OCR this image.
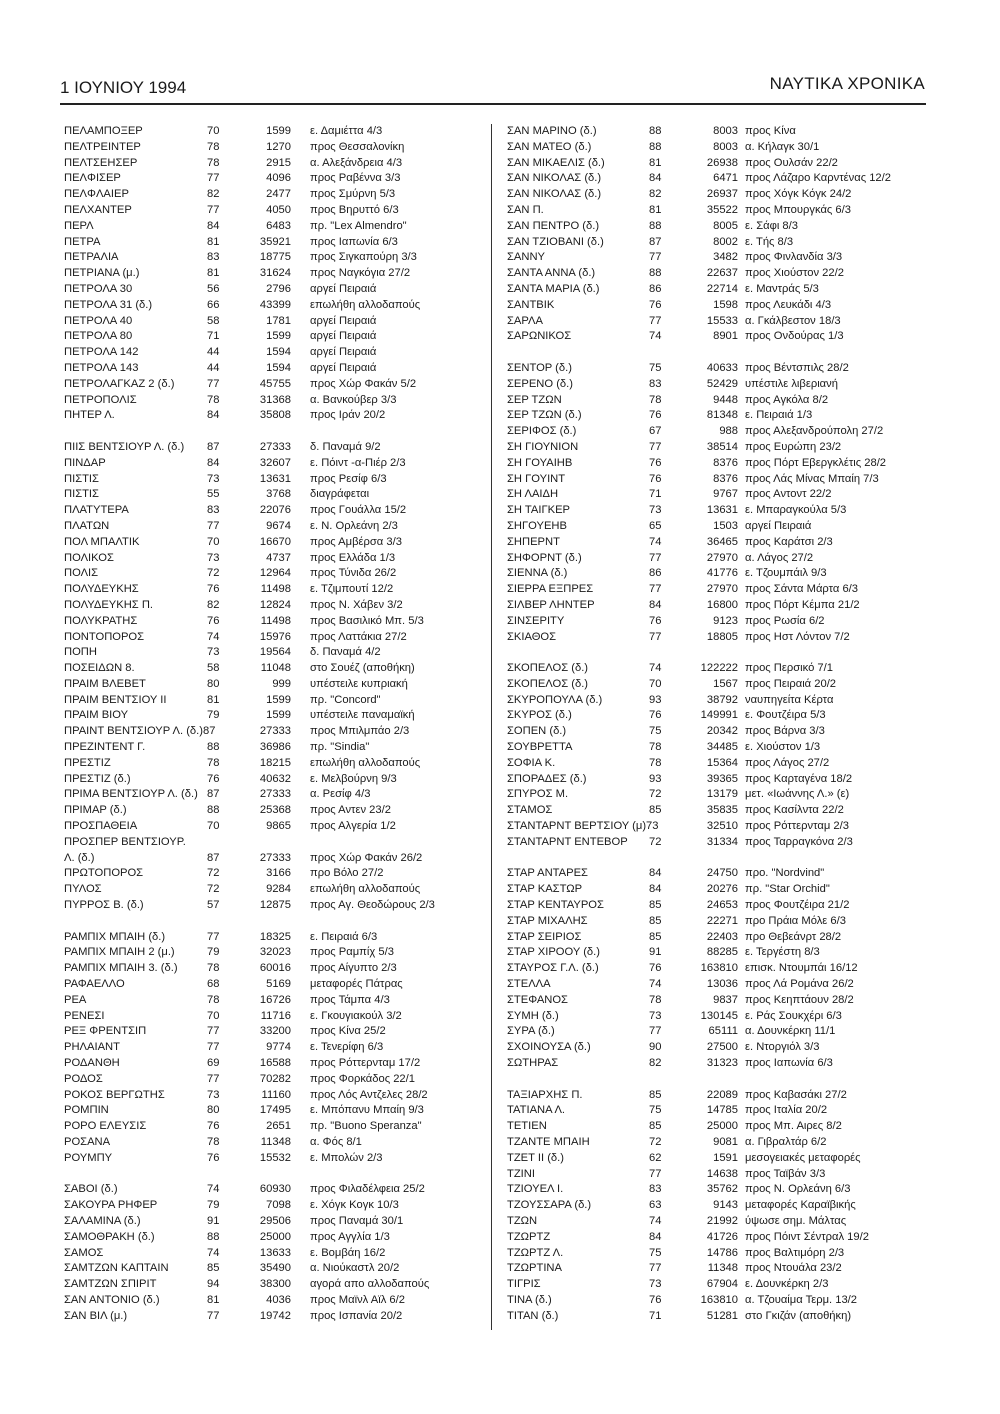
1 ΙΟΥΝΙΟΥ 1994	ΝΑΥΤΙΚΑ ΧΡΟΝΙΚΑ
ΠΕΛΑΜΠΟΞΕΡ	70	1599 ε. Δαμιέττα 4/3
ΠΕΛΤΡΕΙΝΤΕΡ	78	1270 προς Θεσσαλονίκη
ΠΕΛΤΣΕΗΣΕΡ	78	2915 α. Αλεξάνδρεια 4/3
ΠΕΛΦΙΣΕΡ	77	4096 προς Ραβέννα 3/3
ΠΕΛΦΛΑΙΕΡ	82	2477 προς Σμύρνη 5/3
ΠΕΛΧΑΝΤΕΡ	77	4050 προς Βηρυττό 6/3
ΠΕΡΛ	84	6483 πρ. "Lex Almendro"
ΠΕΤΡΑ	81	35921 προς Ιαπωνία 6/3
ΠΕΤΡΑΛΙΑ	83	18775 προς Σιγκαπούρη 3/3
ΠΕΤΡΙΑΝΑ (μ.)	81	31624 προς Ναγκόγια 27/2
ΠΕΤΡΟΛΑ 30	56	2796 αργεί Πειραιά
ΠΕΤΡΟΛΑ 31 (δ.)	66	43399 επωλήθη αλλοδαπούς
ΠΕΤΡΟΛΑ 40	58	1781 αργεί Πειραιά
ΠΕΤΡΟΛΑ 80	71	1599 αργεί Πειραιά
ΠΕΤΡΟΛΑ 142	44	1594 αργεί Πειραιά
ΠΕΤΡΟΛΑ 143	44	1594 αργεί Πειραιά
ΠΕΤΡΟΛΑΓΚΑΖ 2 (δ.)	77	45755 προς Χώρ Φακάν 5/2
ΠΕΤΡΟΠΟΛΙΣ	78	31368 α. Βανκούβερ 3/3
ΠΗΤΕΡ Λ.	84	35808 προς Ιράν 20/2
ΠΙΙΣ ΒΕΝΤΣΙΟΥΡ Λ. (δ.) 87	27333 δ. Παναμά 9/2
ΠΙΝΔΑΡ	84	32607 ε. Πόιντ -α-Πιέρ 2/3
ΠΙΣΤΙΣ	73	13631 προς Ρεσίφ 6/3
ΠΙΣΤΙΣ	55	3768 διαγράφεται
ΠΛΑΤΥΤΕΡΑ	83	22076 προς Γουάλλα 15/2
ΠΛΑΤΩΝ	77	9674 ε. Ν. Ορλεάνη 2/3
ΠΟΛ ΜΠΑΛΤΙΚ	70	16670 προς Αμβέρσα 3/3
ΠΟΛΙΚΟΣ	73	4737 προς Ελλάδα 1/3
ΠΟΛΙΣ	72	12964 προς Τύνιδα 26/2
ΠΟΛΥΔΕΥΚΗΣ	76	11498 ε. Τζιμπουτί 12/2
ΠΟΛΥΔΕΥΚΗΣ Π.	82	12824 προς Ν. Χάβεν 3/2
ΠΟΛΥΚΡΑΤΗΣ	76	11498 προς Βασιλικό Μπ. 5/3
ΠΟΝΤΟΠΟΡΟΣ	74	15976 προς Λαττάκια 27/2
ΠΟΠΗ	73	19564 δ. Παναμά 4/2
ΠΟΣΕΙΔΩΝ 8.	58	11048 στο Σουέζ (αποθήκη)
ΠΡΑΙΜ ΒΛΕΒΕΤ	80	999 υπέστειλε κυπριακή
ΠΡΑΙΜ ΒΕΝΤΣΙΟΥ ΙΙ	81	1599 πρ. "Concord"
ΠΡΑΙΜ ΒΙΟΥ	79	1599 υπέστειλε παναμαϊκή
ΠΡΑΙΝΤ ΒΕΝΤΣΙΟΥΡ Λ. (δ.)87	27333 προς Μπιλμπάο 2/3
ΠΡΕΖΙΝΤΕΝΤ Γ.	88	36986 πρ. "Sindia"
ΠΡΕΣΤΙΖ	78	18215 επωλήθη αλλοδαπούς
ΠΡΕΣΤΙΖ (δ.)	76	40632 ε. Μελβούρνη 9/3
ΠΡΙΜΑ ΒΕΝΤΣΙΟΥΡ Λ. (δ.) 87	27333 α. Ρεσίφ 4/3
ΠΡΙΜΑΡ (δ.)	88	25368 προς Αντεν 23/2
ΠΡΟΣΠΑΘΕΙΑ	70	9865 προς Αλγερία 1/2
ΠΡΟΣΠΕΡ ΒΕΝΤΣΙΟΥΡ.
Λ. (δ.)	87	27333 προς Χώρ Φακάν 26/2
ΠΡΩΤΟΠΟΡΟΣ	72	3166 προ Βόλο 27/2
ΠΥΛΟΣ	72	9284 επωλήθη αλλοδαπούς
ΠΥΡΡΟΣ Β. (δ.)	57	12875 προς Αγ. Θεοδώρους 2/3
ΡΑΜΠΙΧ ΜΠΑΙΗ (δ.)	77	18325 ε. Πειραιά 6/3
ΡΑΜΠΙΧ ΜΠΑΙΗ 2 (μ.)	79	32023 προς Ραμπίχ 5/3
ΡΑΜΠΙΧ ΜΠΑΙΗ 3. (δ.)	78	60016 προς Αίγυπτο 2/3
ΡΑΦΑΕΛΛΟ	68	5169 μεταφορές Πάτρας
ΡΕΑ	78	16726 προς Τάμπα 4/3
ΡΕΝΕΣΙ	70	11716 ε. Γκουγιακούλ 3/2
ΡΕΞ ΦΡΕΝΤΣΙΠ	77	33200 προς Κίνα 25/2
ΡΗΛΑΙΑΝΤ	77	9774 ε. Τενερίφη 6/3
ΡΟΔΑΝΘΗ	69	16588 προς Ρόττερνταμ 17/2
ΡΟΔΟΣ	77	70282 προς Φορκάδος 22/1
ΡΟΚΟΣ ΒΕΡΓΩΤΗΣ	73	11160 προς Λός Αντζελες 28/2
ΡΟΜΠΙΝ	80	17495 ε. Μπόπανυ Μπαίη 9/3
ΡΟΡΟ ΕΛΕΥΣΙΣ	76	2651 πρ. "Buono Speranza"
ΡΟΣΑΝΑ	78	11348 α. Φός 8/1
ΡΟΥΜΠΥ	76	15532 ε. Μπολών 2/3
ΣΑΒΟΙ (δ.)	74	60930 προς Φιλαδέλφεια 25/2
ΣΑΚΟΥΡΑ ΡΗΦΕΡ	79	7098 ε. Χόγκ Κογκ 10/3
ΣΑΛΑΜΙΝΑ (δ.)	91	29506 προς Παναμά 30/1
ΣΑΜΟΘΡΑΚΗ (δ.)	88	25000 προς Αγγλία 1/3
ΣΑΜΟΣ	74	13633 ε. Βομβάη 16/2
ΣΑΜΤΖΩΝ ΚΑΠΤΑΙΝ	85	35490 α. Νιούκαστλ 20/2
ΣΑΜΤΖΩΝ ΣΠΙΡΙΤ	94	38300 αγορά απο αλλοδαπούς
ΣΑΝ ΑΝΤΟΝΙΟ (δ.)	81	4036 προς Μαϊνλ Αϊλ 6/2
ΣΑΝ ΒΙΛ (μ.)	77	19742 προς Ισπανία 20/2
ΣΑΝ ΜΑΡΙΝΟ (δ.)	88	8003 προς Κίνα
ΣΑΝ ΜΑΤΕΟ (δ.)	88	8003 α. Κήλαγκ 30/1
ΣΑΝ ΜΙΚΑΕΛΙΣ (δ.)	81	26938 προς Ουλσάν 22/2
ΣΑΝ ΝΙΚΟΛΑΣ (δ.)	84	6471 προς Λάζαρο Καρντένας 12/2
ΣΑΝ ΝΙΚΟΛΑΣ (δ.)	82	26937 προς Χόγκ Κόγκ 24/2
ΣΑΝ Π.	81	35522 προς Μπουργκάς 6/3
ΣΑΝ ΠΕΝΤΡΟ (δ.)	88	8005 ε. Σάφι 8/3
ΣΑΝ ΤΖΙΟΒΑΝΙ (δ.)	87	8002 ε. Τής 8/3
ΣΑΝΝΥ	77	3482 προς Φινλανδία 3/3
ΣΑΝΤΑ ΑΝΝΑ (δ.)	88	22637 προς Χιούστον 22/2
ΣΑΝΤΑ ΜΑΡΙΑ (δ.)	86	22714 ε. Μαντράς 5/3
ΣΑΝΤΒΙΚ	76	1598 προς Λευκάδι 4/3
ΣΑΡΛΑ	77	15533 α. Γκάλβεστον 18/3
ΣΑΡΩΝΙΚΟΣ	74	8901 προς Ονδούρας 1/3
ΣΕΝΤΟΡ (δ.)	75	40633 προς Βέντσπιλς 28/2
ΣΕΡΕΝΟ (δ.)	83	52429 υπέστιλε λιβεριανή
ΣΕΡ ΤΖΩΝ	78	9448 προς Αγκόλα 8/2
ΣΕΡ ΤΖΩΝ (δ.)	76	81348 ε. Πειραιά 1/3
ΣΕΡΙΦΟΣ (δ.)	67	988 προς Αλεξανδρούπολη 27/2
ΣΗ ΓΙΟΥΝΙΟΝ	77	38514 προς Ευρώπη 23/2
ΣΗ ΓΟΥΑΙΗΒ	76	8376 προς Πόρτ Εβεργκλέτις 28/2
ΣΗ ΓΟΥΙΝΤ	76	8376 προς Λάς Μίνας Μπαίη 7/3
ΣΗ ΛΑΙΔΗ	71	9767 προς Αντοντ 22/2
ΣΗ ΤΑΙΓΚΕΡ	73	13631 ε. Μπαραγκούλα 5/3
ΣΗΓΟΥΕΗΒ	65	1503 αργεί Πειραιά
ΣΗΠΕΡΝΤ	74	36465 προς Καράτσι 2/3
ΣΗΦΟΡΝΤ (δ.)	77	27970 α. Λάγος 27/2
ΣΙΕΝΝΑ (δ.)	86	41776 ε. Τζουμπάιλ 9/3
ΣΙΕΡΡΑ ΕΞΠΡΕΣ	77	27970 προς Σάντα Μάρτα 6/3
ΣΙΛΒΕΡ ΛΗΝΤΕΡ	84	16800 προς Πόρτ Κέμπα 21/2
ΣΙΝΣΕΡΙΤΥ	76	9123 προς Ρωσία 6/2
ΣΚΙΑΘΟΣ	77	18805 προς Ηστ Λόντον 7/2
ΣΚΟΠΕΛΟΣ (δ.)	74	122222 προς Περσικό 7/1
ΣΚΟΠΕΛΟΣ (δ.)	70	1567 προς Πειραιά 20/2
ΣΚΥΡΟΠΟΥΛΑ (δ.)	93	38792 ναυπηγείτα Κέρτα
ΣΚΥΡΟΣ (δ.)	76	149991 ε. Φουτζέιρα 5/3
ΣΟΠΕΝ (δ.)	75	20342 προς Βάρνα 3/3
ΣΟΥΒΡΕΤΤΑ	78	34485 ε. Χιούστον 1/3
ΣΟΦΙΑ Κ.	78	15364 προς Λάγος 27/2
ΣΠΟΡΑΔΕΣ (δ.)	93	39365 προς Καρταγένα 18/2
ΣΠΥΡΟΣ Μ.	72	13179 μετ. «Ιωάννης Λ.» (ε)
ΣΤΑΜΟΣ	85	35835 προς Κασίλντα 22/2
ΣΤΑΝΤΑΡΝΤ ΒΕΡΤΣΙΟΥ (μ)73	32510 προς Ρόττερνταμ 2/3
ΣΤΑΝΤΑΡΝΤ ΕΝΤΕΒΟΡ 72	31334 προς Ταρραγκόνα 2/3
ΣΤΑΡ ΑΝΤΑΡΕΣ	84	24750 προ. "Nordvind"
ΣΤΑΡ ΚΑΣΤΩΡ	84	20276 πρ. "Star Orchid"
ΣΤΑΡ ΚΕΝΤΑΥΡΟΣ	85	24653 προς Φουτζέιρα 21/2
ΣΤΑΡ ΜΙΧΑΛΗΣ	85	22271 προ Πράια Μόλε 6/3
ΣΤΑΡ ΣΕΙΡΙΟΣ	85	22403 προ Θεβεάνρτ 28/2
ΣΤΑΡ ΧΙΡΟΟΥ (δ.)	91	88285 ε. Τεργέστη 8/3
ΣΤΑΥΡΟΣ Γ.Λ. (δ.)	76	163810 επισκ. Ντουμπάι 16/12
ΣΤΕΛΛΑ	74	13036 προς Λά Ρομάνα 26/2
ΣΤΕΦΑΝΟΣ	78	9837 προς Κεηπτάουν 28/2
ΣΥΜΗ (δ.)	73	130145 ε. Ράς Σουκχέρι 6/3
ΣΥΡΑ (δ.)	77	65111 α. Δουνκέρκη 11/1
ΣΧΟΙΝΟΥΣΑ (δ.)	90	27500 ε. Ντοργιόλ 3/3
ΣΩΤΗΡΑΣ	82	31323 προς Ιαπωνία 6/3
ΤΑΞΙΑΡΧΗΣ Π.	85	22089 προς Καβασάκι 27/2
ΤΑΤΙΑΝΑ Λ.	75	14785 προς Ιταλία 20/2
ΤΕΤΙΕΝ	85	25000 προς Μπ. Αιρες 8/2
ΤΖΑΝΤΕ ΜΠΑΙΗ	72	9081 α. Γιβραλτάρ 6/2
ΤΖΕΤ ΙΙ (δ.)	62	1591 μεσογειακές μεταφορές
ΤΖΙΝΙ	77	14638 προς Ταϊβάν 3/3
ΤΖΙΟΥΕΛ Ι.	83	35762 προς Ν. Ορλεάνη 6/3
ΤΖΟΥΣΣΑΡΑ (δ.)	63	9143 μεταφορές Καραϊβικής
ΤΖΩΝ	74	21992 ύψωσε σημ. Μάλτας
ΤΖΩΡΤΖ	84	41726 προς Πόιντ Σέντραλ 19/2
ΤΖΩΡΤΖ Λ.	75	14786 προς Βαλτιμόρη 2/3
ΤΖΩΡΤΙΝΑ	77	11348 προς Ντουάλα 23/2
ΤΙΓΡΙΣ	73	67904 ε. Δουνκέρκη 2/3
ΤΙΝΑ (δ.)	76	163810 α. Τζουαίμα Τερμ. 13/2
ΤΙΤΑΝ (δ.)	71	51281 στο Γκιζάν (αποθήκη)
